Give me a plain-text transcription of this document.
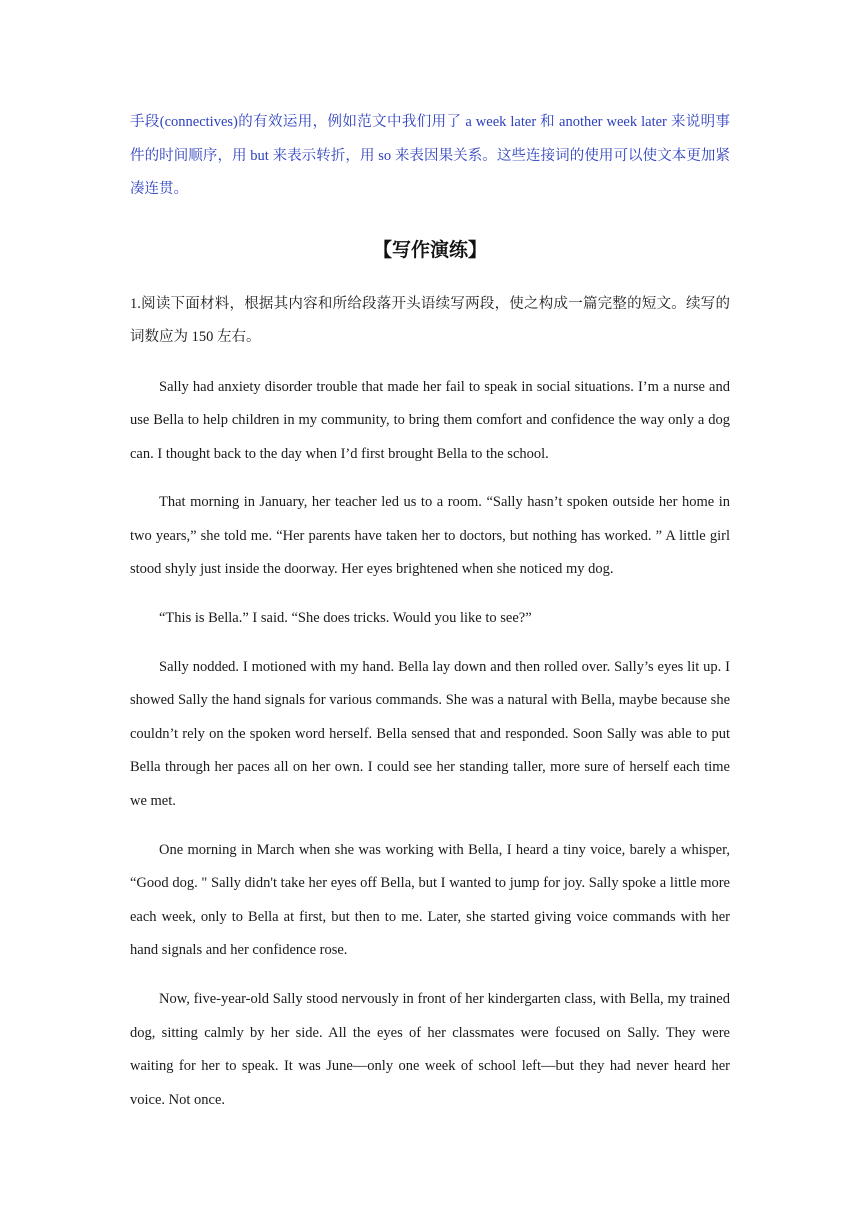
手段(connectives)的有效运用，例如范文中我们用了 a week later 和 another week later 来说明事件的时间顺序，用 but 来表示转折，用 so 来表因果关系。这些连接词的使用可以使文本更加紧凑连贯。

【写作演练】

1.阅读下面材料，根据其内容和所给段落开头语续写两段，使之构成一篇完整的短文。续写的词数应为 150 左右。

Sally had anxiety disorder trouble that made her fail to speak in social situations. I’m a nurse and use Bella to help children in my community, to bring them comfort and confidence the way only a dog can. I thought back to the day when I’d first brought Bella to the school.

That morning in January, her teacher led us to a room. “Sally hasn’t spoken outside her home in two years,” she told me. “Her parents have taken her to doctors, but nothing has worked. ” A little girl stood shyly just inside the doorway. Her eyes brightened when she noticed my dog.

“This is Bella.” I said. “She does tricks. Would you like to see?”

Sally nodded. I motioned with my hand. Bella lay down and then rolled over. Sally’s eyes lit up. I showed Sally the hand signals for various commands. She was a natural with Bella, maybe because she couldn’t rely on the spoken word herself. Bella sensed that and responded. Soon Sally was able to put Bella through her paces all on her own. I could see her standing taller, more sure of herself each time we met.

One morning in March when she was working with Bella, I heard a tiny voice, barely a whisper, “Good dog. " Sally didn't take her eyes off Bella, but I wanted to jump for joy. Sally spoke a little more each week, only to Bella at first, but then to me. Later, she started giving voice commands with her hand signals and her confidence rose.

Now, five-year-old Sally stood nervously in front of her kindergarten class, with Bella, my trained dog, sitting calmly by her side. All the eyes of her classmates were focused on Sally. They were waiting for her to speak. It was June—only one week of school left—but they had never heard her voice. Not once.
